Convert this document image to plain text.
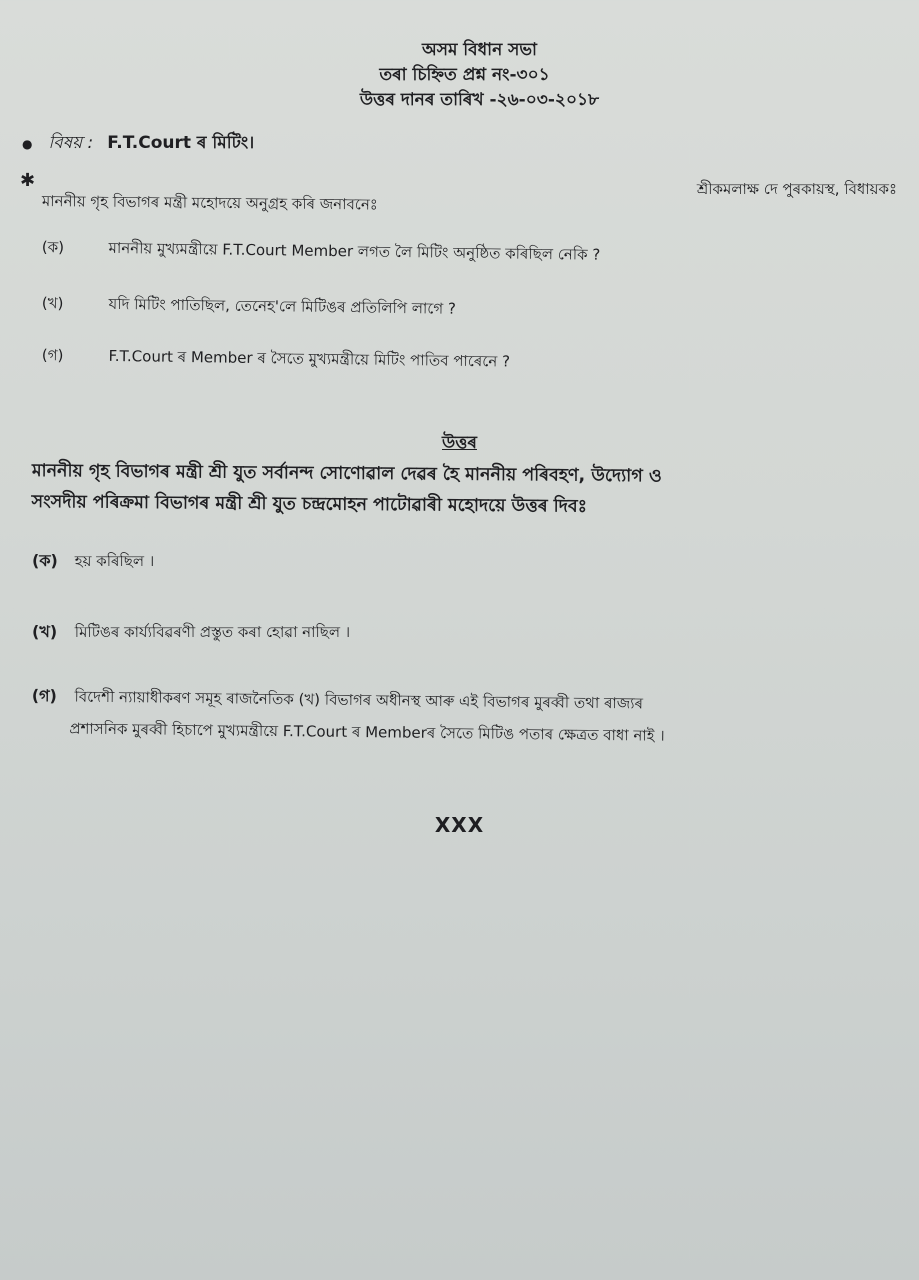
অসম বিধান সভা
তৰা চিহ্নিত প্ৰশ্ন নং-৩০১
উত্তৰ দানৰ তাৰিখ -২৬-০৩-২০১৮
● বিষয় : F.T.Court ৰ মিটিং।
✱	শ্ৰীকমলাক্ষ দে পুৰকায়স্থ, বিধায়কঃ
মাননীয় গৃহ বিভাগৰ মন্ত্ৰী মহোদয়ে অনুগ্ৰহ কৰি জনাবনেঃ
(ক)	মাননীয় মুখ্যমন্ত্ৰীয়ে F.T.Court Member লগত লৈ মিটিং অনুষ্ঠিত কৰিছিল নেকি ?
(খ)	যদি মিটিং পাতিছিল, তেনেহ'লে মিটিঙৰ প্ৰতিলিপি লাগে ?
(গ)	F.T.Court ৰ Member ৰ সৈতে মুখ্যমন্ত্ৰীয়ে মিটিং পাতিব পাৰেনে ?
উত্তৰ
মাননীয় গৃহ বিভাগৰ মন্ত্ৰী শ্ৰী যুত সৰ্বানন্দ সোণোৱাল দেৱৰ হৈ মাননীয় পৰিবহণ, উদ্যোগ ও
সংসদীয় পৰিক্ৰমা বিভাগৰ মন্ত্ৰী শ্ৰী যুত চন্দ্ৰমোহন পাটোৱাৰী মহোদয়ে উত্তৰ দিবঃ
(ক) হয় কৰিছিল ।
(খ) মিটিঙৰ কাৰ্য্যবিৱৰণী প্ৰস্তুত কৰা হোৱা নাছিল ।
(গ) বিদেশী ন্যায়াধীকৰণ সমূহ ৰাজনৈতিক (খ) বিভাগৰ অধীনস্থ আৰু এই বিভাগৰ মুৰব্বী তথা ৰাজ্যৰ
প্ৰশাসনিক মুৰব্বী হিচাপে মুখ্যমন্ত্ৰীয়ে F.T.Court ৰ Memberৰ সৈতে মিটিঙ পতাৰ ক্ষেত্ৰত বাধা নাই ।
XXX
